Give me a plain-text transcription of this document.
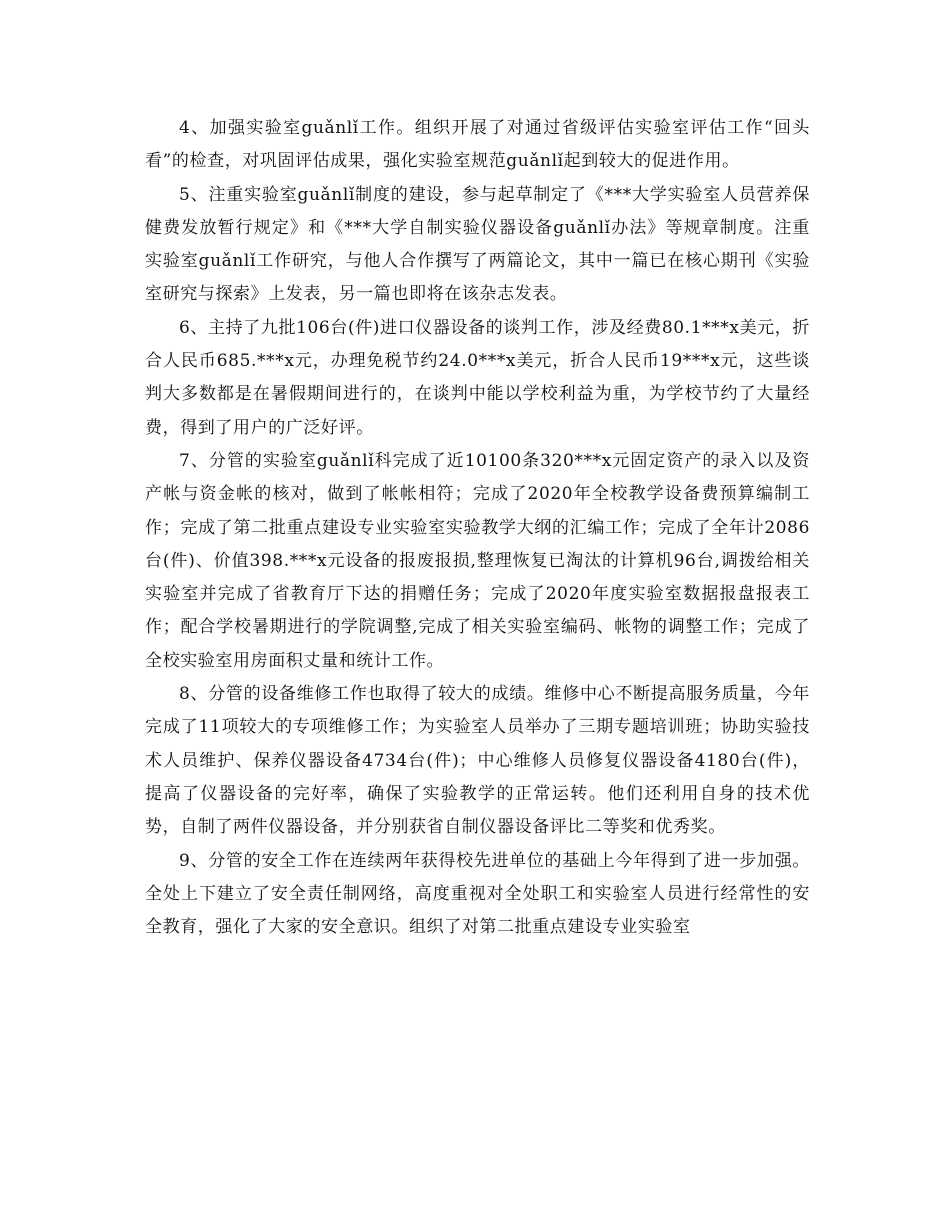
4、加强实验室guǎnlǐ工作。组织开展了对通过省级评估实验室评估工作“回头看”的检查，对巩固评估成果，强化实验室规范guǎnlǐ起到较大的促进作用。

5、注重实验室guǎnlǐ制度的建设，参与起草制定了《***大学实验室人员营养保健费发放暂行规定》和《***大学自制实验仪器设备guǎnlǐ办法》等规章制度。注重实验室guǎnlǐ工作研究，与他人合作撰写了两篇论文，其中一篇已在核心期刊《实验室研究与探索》上发表，另一篇也即将在该杂志发表。

6、主持了九批106台(件)进口仪器设备的谈判工作，涉及经费80.1***x美元，折合人民币685.***x元，办理免税节约24.0***x美元，折合人民币19***x元，这些谈判大多数都是在暑假期间进行的，在谈判中能以学校利益为重，为学校节约了大量经费，得到了用户的广泛好评。

7、分管的实验室guǎnlǐ科完成了近10100条320***x元固定资产的录入以及资产帐与资金帐的核对，做到了帐帐相符；完成了2020年全校教学设备费预算编制工作；完成了第二批重点建设专业实验室实验教学大纲的汇编工作；完成了全年计2086台(件)、价值398.***x元设备的报废报损,整理恢复已淘汰的计算机96台,调拨给相关实验室并完成了省教育厅下达的捐赠任务；完成了2020年度实验室数据报盘报表工作；配合学校暑期进行的学院调整,完成了相关实验室编码、帐物的调整工作；完成了全校实验室用房面积丈量和统计工作。

8、分管的设备维修工作也取得了较大的成绩。维修中心不断提高服务质量，今年完成了11项较大的专项维修工作；为实验室人员举办了三期专题培训班；协助实验技术人员维护、保养仪器设备4734台(件)；中心维修人员修复仪器设备4180台(件)，提高了仪器设备的完好率，确保了实验教学的正常运转。他们还利用自身的技术优势，自制了两件仪器设备，并分别获省自制仪器设备评比二等奖和优秀奖。

9、分管的安全工作在连续两年获得校先进单位的基础上今年得到了进一步加强。全处上下建立了安全责任制网络，高度重视对全处职工和实验室人员进行经常性的安全教育，强化了大家的安全意识。组织了对第二批重点建设专业实验室
